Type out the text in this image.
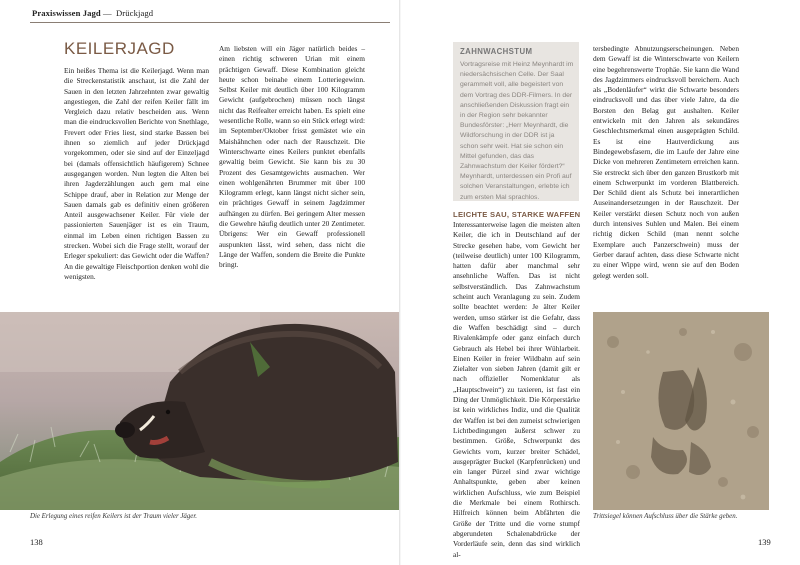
Praxiswissen Jagd — Drückjagd
KEILERJAGD

Ein heißes Thema ist die Keilerjagd. Wenn man die Streckenstatistik anschaut, ist die Zahl der Sauen in den letzten Jahrzehnten zwar gewaltig angestiegen, die Zahl der reifen Keiler fällt im Vergleich dazu relativ bescheiden aus. Wenn man die eindrucksvollen Berichte von Snethlage, Frevert oder Fries liest, sind starke Bassen bei ihnen so ziemlich auf jeder Drückjagd vorgekommen, oder sie sind auf der Einzeljagd bei (damals offensichtlich häufigerem) Schnee ausgegangen worden. Nun legten die Alten bei ihren Jagderzählungen auch gern mal eine Schippe drauf, aber in Relation zur Menge der Sauen damals gab es definitiv einen größeren Anteil ausgewachsener Keiler. Für viele der passionierten Sauenjäger ist es ein Traum, einmal im Leben einen richtigen Bassen zu strecken. Wobei sich die Frage stellt, worauf der Erleger spekuliert: das Gewicht oder die Waffen? An die gewaltige Fleischportion denken wohl die wenigsten.

Am liebsten will ein Jäger natürlich beides – einen richtig schweren Urian mit einem prächtigen Gewaff. Diese Kombination gleicht heute schon beinahe einem Lotteriegewinn. Selbst Keiler mit deutlich über 100 Kilogramm Gewicht (aufgebrochen) müssen noch längst nicht das Reifealter erreicht haben. Es spielt eine wesentliche Rolle, wann so ein Stück erlegt wird: im September/Oktober frisst gemästet wie ein Maishähnchen oder nach der Rauschzeit. Die Winterschwarte eines Keilers punktet ebenfalls gewaltig beim Gewicht. Sie kann bis zu 30 Prozent des Gesamtgewichts ausmachen. Wer einen wohlgenährten Brummer mit über 100 Kilogramm erlegt, kann längst nicht sicher sein, ein prächtiges Gewaff in seinem Jagdzimmer aufhängen zu dürfen. Bei geringem Alter messen die Gewehre häufig deutlich unter 20 Zentimeter. Übrigens: Wer ein Gewaff professionell auspunkten lässt, wird sehen, dass nicht die Länge der Waffen, sondern die Breite die Punkte bringt.

Die Erlegung eines reifen Keilers ist der Traum vieler Jäger.
138
ZAHNWACHSTUM
Vortragsreise mit Heinz Meynhardt im niedersächsischen Celle. Der Saal gerammelt voll, alle begeistert von dem Vortrag des DDR-Filmers. In der anschließenden Diskussion fragt ein in der Region sehr bekannter Bundesförster: „Herr Meynhardt, die Wildforschung in der DDR ist ja schon sehr weit. Hat sie schon ein Mittel gefunden, das das Zahnwachstum der Keiler fördert?“ Meynhardt, unterdessen ein Profi auf solchen Veranstaltungen, erlebte ich zum ersten Mal sprachlos.
LEICHTE SAU, STARKE WAFFEN

Interessanterweise lagen die meisten alten Keiler, die ich in Deutschland auf der Strecke gesehen habe, vom Gewicht her (teilweise deutlich) unter 100 Kilogramm, hatten dafür aber manchmal sehr ansehnliche Waffen. Das ist nicht selbstverständlich. Das Zahnwachstum scheint auch Veranlagung zu sein. Zudem sollte beachtet werden: Je älter Keiler werden, umso stärker ist die Gefahr, dass die Waffen beschädigt sind – durch Rivalenkämpfe oder ganz einfach durch Gebrauch als Hebel bei ihrer Wühlarbeit. Einen Keiler in freier Wildbahn auf sein Zielalter von sieben Jahren (damit gilt er nach offizieller Nomenklatur als „Hauptschwein“) zu taxieren, ist fast ein Ding der Unmöglichkeit. Die Körperstärke ist kein wirkliches Indiz, und die Qualität der Waffen ist bei den zumeist schwierigen Lichtbedingungen äußerst schwer zu bestimmen. Größe, Schwerpunkt des Gewichts vorn, kurzer breiter Schädel, ausgeprägter Buckel (Karpfenrücken) und ein langer Pürzel sind zwar wichtige Anhaltspunkte, geben aber keinen wirklichen Aufschluss, wie zum Beispiel die Merkmale bei einem Rothirsch. Hilfreich können beim Abfährten die Größe der Tritte und die vorne stumpf abgerundeten Schalenabdrücke der Vorderläufe sein, denn das sind wirklich al-

tersbedingte Abnutzungserscheinungen. Neben dem Gewaff ist die Winterschwarte von Keilern eine begehrenswerte Trophäe. Sie kann die Wand des Jagdzimmers eindrucksvoll bereichern. Auch als „Bodenläufer“ wirkt die Schwarte besonders eindrucksvoll und das über viele Jahre, da die Borsten den Belag gut aushalten. Keiler entwickeln mit den Jahren als sekundäres Geschlechtsmerkmal einen ausgeprägten Schild. Es ist eine Hautverdickung aus Bindegewebsfasern, die im Laufe der Jahre eine Dicke von mehreren Zentimetern erreichen kann. Sie erstreckt sich über den ganzen Brustkorb mit einem Schwerpunkt im vorderen Blattbereich. Der Schild dient als Schutz bei innerartlichen Auseinandersetzungen in der Rauschzeit. Der Keiler verstärkt diesen Schutz noch von außen durch intensives Suhlen und Malen. Bei einem richtig dicken Schild (man nennt solche Exemplare auch Panzerschwein) muss der Gerber darauf achten, dass diese Schwarte nicht zu einer Wippe wird, wenn sie auf den Boden gelegt werden soll.

Trittsiegel können Aufschluss über die Stärke geben.
139
